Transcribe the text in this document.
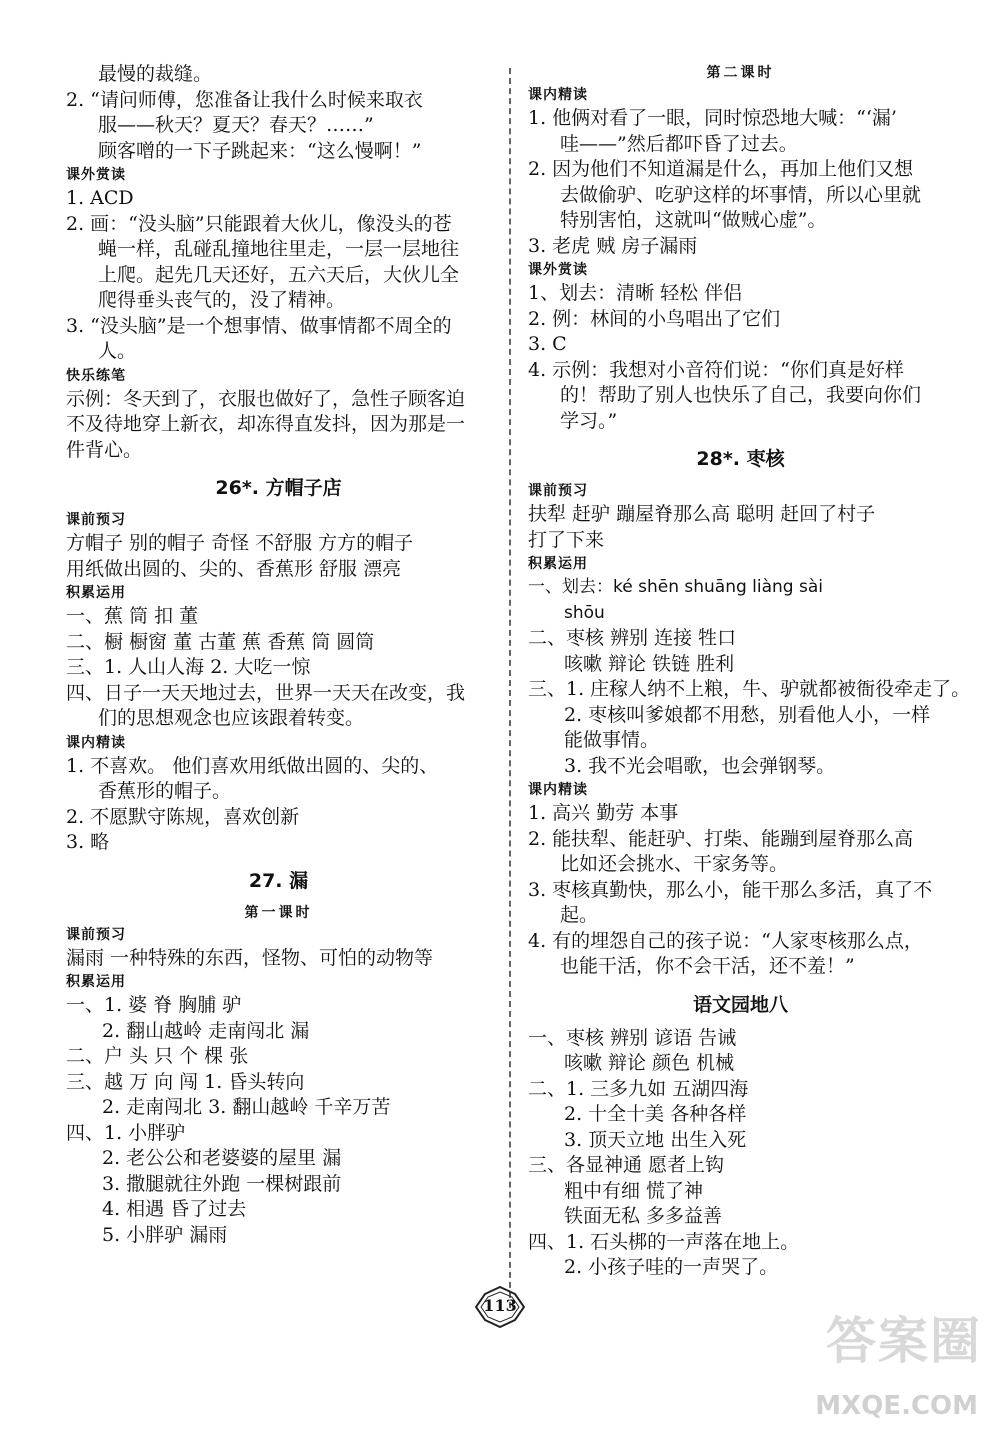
最慢的裁缝。
2. “请问师傅，您准备让我什么时候来取衣
服——秋天？夏天？春天？……”
顾客噌的一下子跳起来：“这么慢啊！”
课外赏读
1. ACD
2. 画：“没头脑”只能跟着大伙儿，像没头的苍
蝇一样，乱碰乱撞地往里走，一层一层地往
上爬。起先几天还好，五六天后，大伙儿全
爬得垂头丧气的，没了精神。
3. “没头脑”是一个想事情、做事情都不周全的
人。
快乐练笔
示例：冬天到了，衣服也做好了，急性子顾客迫
不及待地穿上新衣，却冻得直发抖，因为那是一
件背心。
26*. 方帽子店
课前预习
方帽子 别的帽子 奇怪 不舒服 方方的帽子
用纸做出圆的、尖的、香蕉形 舒服 漂亮
积累运用
一、蕉 筒 扣 董
二、橱 橱窗 董 古董 蕉 香蕉 筒 圆筒
三、1. 人山人海 2. 大吃一惊
四、日子一天天地过去，世界一天天在改变，我
们的思想观念也应该跟着转变。
课内精读
1. 不喜欢。 他们喜欢用纸做出圆的、尖的、
香蕉形的帽子。
2. 不愿默守陈规，喜欢创新
3. 略
27. 漏
第一课时
课前预习
漏雨 一种特殊的东西，怪物、可怕的动物等
积累运用
一、1. 婆 脊 胸脯 驴
2. 翻山越岭 走南闯北 漏
二、户 头 只 个 棵 张
三、越 万 向 闯 1. 昏头转向
2. 走南闯北 3. 翻山越岭 千辛万苦
四、1. 小胖驴
2. 老公公和老婆婆的屋里 漏
3. 撒腿就往外跑 一棵树跟前
4. 相遇 昏了过去
5. 小胖驴 漏雨
第二课时
课内精读
1. 他俩对看了一眼，同时惊恐地大喊：“‘漏’
哇——”然后都吓昏了过去。
2. 因为他们不知道漏是什么，再加上他们又想
去做偷驴、吃驴这样的坏事情，所以心里就
特别害怕，这就叫“做贼心虚”。
3. 老虎 贼 房子漏雨
课外赏读
1、划去：清晰 轻松 伴侣
2. 例：林间的小鸟唱出了它们
3. C
4. 示例：我想对小音符们说：“你们真是好样
的！帮助了别人也快乐了自己，我要向你们
学习。”
28*. 枣核
课前预习
扶犁 赶驴 蹦屋脊那么高 聪明 赶回了村子
打了下来
积累运用
一、划去：ké shēn shuāng liàng sài
shōu
二、枣核 辨别 连接 牲口
咳嗽 辩论 铁链 胜利
三、1. 庄稼人纳不上粮，牛、驴就都被衙役牵走了。
2. 枣核叫爹娘都不用愁，别看他人小，一样
能做事情。
3. 我不光会唱歌，也会弹钢琴。
课内精读
1. 高兴 勤劳 本事
2. 能扶犁、能赶驴、打柴、能蹦到屋脊那么高
比如还会挑水、干家务等。
3. 枣核真勤快，那么小，能干那么多活，真了不
起。
4. 有的埋怨自己的孩子说：“人家枣核那么点，
也能干活，你不会干活，还不羞！”
语文园地八
一、枣核 辨别 谚语 告诫
咳嗽 辩论 颜色 机械
二、1. 三多九如 五湖四海
2. 十全十美 各种各样
3. 顶天立地 出生入死
三、各显神通 愿者上钩
粗中有细 慌了神
铁面无私 多多益善
四、1. 石头梆的一声落在地上。
2. 小孩子哇的一声哭了。
113
答案圈
MXQE.COM
